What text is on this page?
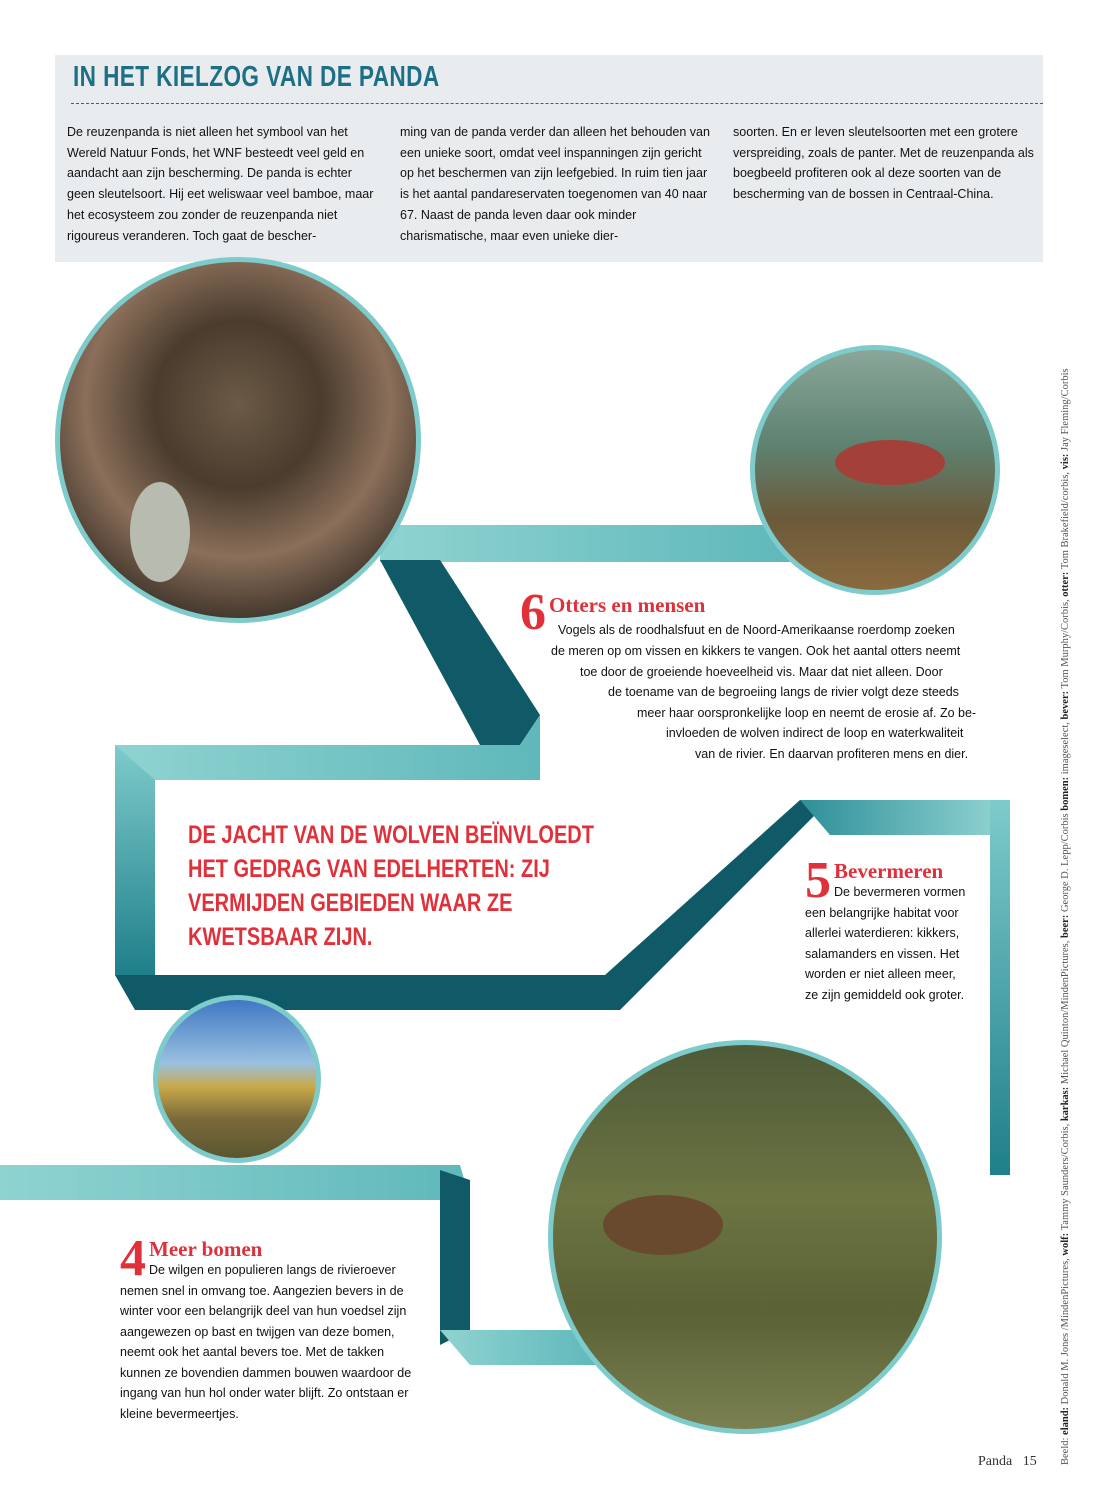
IN HET KIELZOG VAN DE PANDA
De reuzenpanda is niet alleen het symbool van het Wereld Natuur Fonds, het WNF besteedt veel geld en aandacht aan zijn bescherming. De panda is echter geen sleutelsoort. Hij eet weliswaar veel bamboe, maar het ecosysteem zou zonder de reuzenpanda niet rigoureus veranderen. Toch gaat de bescher-
ming van de panda verder dan alleen het behouden van een unieke soort, omdat veel inspanningen zijn gericht op het beschermen van zijn leefgebied. In ruim tien jaar is het aantal pandareservaten toegenomen van 40 naar 67. Naast de panda leven daar ook minder charismatische, maar even unieke dier-
soorten. En er leven sleutelsoorten met een grotere verspreiding, zoals de panter. Met de reuzenpanda als boegbeeld profiteren ook al deze soorten van de bescherming van de bossen in Centraal-China.
6 Otters en mensen
Vogels als de roodhalsfuut en de Noord-Amerikaanse roerdomp zoeken
de meren op om vissen en kikkers te vangen. Ook het aantal otters neemt
toe door de groeiende hoeveelheid vis. Maar dat niet alleen. Door
de toename van de begroeiing langs de rivier volgt deze steeds
meer haar oorspronkelijke loop en neemt de erosie af. Zo be-
invloeden de wolven indirect de loop en waterkwaliteit
van de rivier. En daarvan profiteren mens en dier.
DE JACHT VAN DE WOLVEN BEÏNVLOEDT HET GEDRAG VAN EDELHERTEN: ZIJ VERMIJDEN GEBIEDEN WAAR ZE KWETSBAAR ZIJN.
5 Bevermeren
De bevermeren vormen een belangrijke habitat voor allerlei waterdieren: kikkers, salamanders en vissen. Het worden er niet alleen meer, ze zijn gemiddeld ook groter.
4 Meer bomen
De wilgen en populieren langs de rivieroever nemen snel in omvang toe. Aangezien bevers in de winter voor een belangrijk deel van hun voedsel zijn aangewezen op bast en twijgen van deze bomen, neemt ook het aantal bevers toe. Met de takken kunnen ze bovendien dammen bouwen waardoor de ingang van hun hol onder water blijft. Zo ontstaan er kleine bevermeertjes.
Beeld: eland: Donald M. Jones /MindenPictures, wolf: Tammy Saunders/Corbis, karkas: Michael Quinton/MindenPictures, beer: George D. Lepp/Corbis bomen: imageselect, bever: Tom Murphy/Corbis, otter: Tom Brakefield/corbis, vis: Jay Fleming/Corbis
Panda 15
